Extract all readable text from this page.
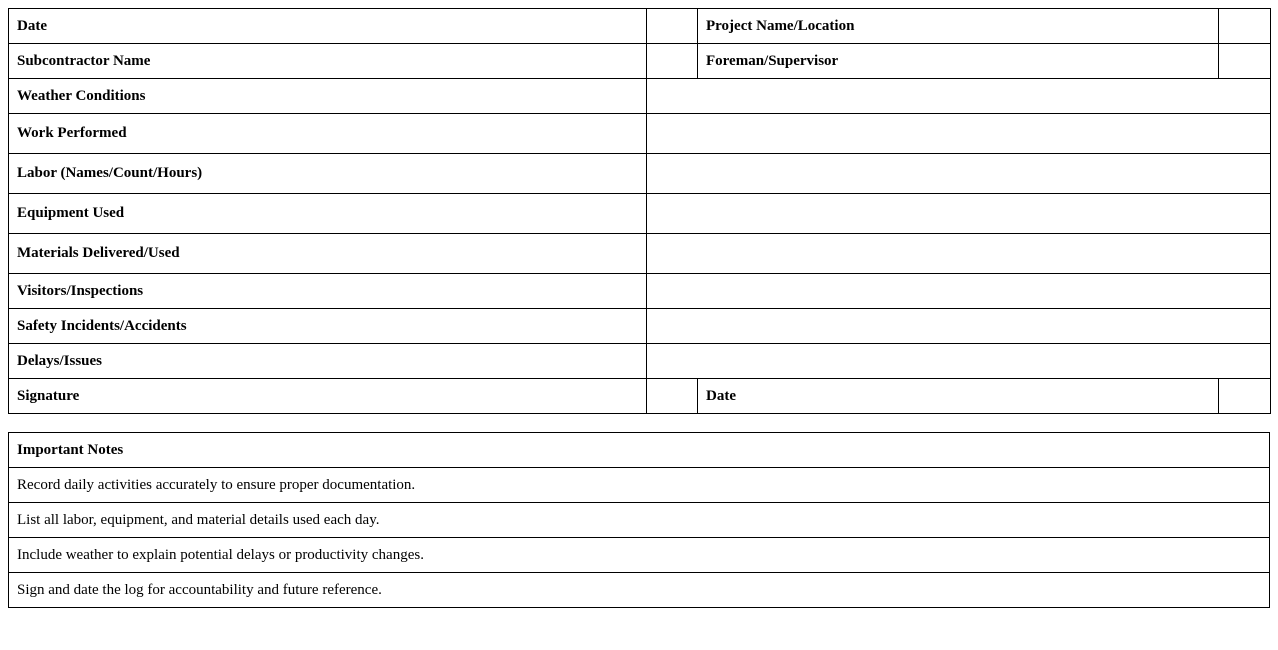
Date		Project Name/Location	
Subcontractor Name		Foreman/Supervisor	
Weather Conditions			
Work Performed			
Labor (Names/Count/Hours)			
Equipment Used			
Materials Delivered/Used			
Visitors/Inspections			
Safety Incidents/Accidents			
Delays/Issues			
Signature		Date	
Important Notes
Record daily activities accurately to ensure proper documentation.
List all labor, equipment, and material details used each day.
Include weather to explain potential delays or productivity changes.
Sign and date the log for accountability and future reference.
